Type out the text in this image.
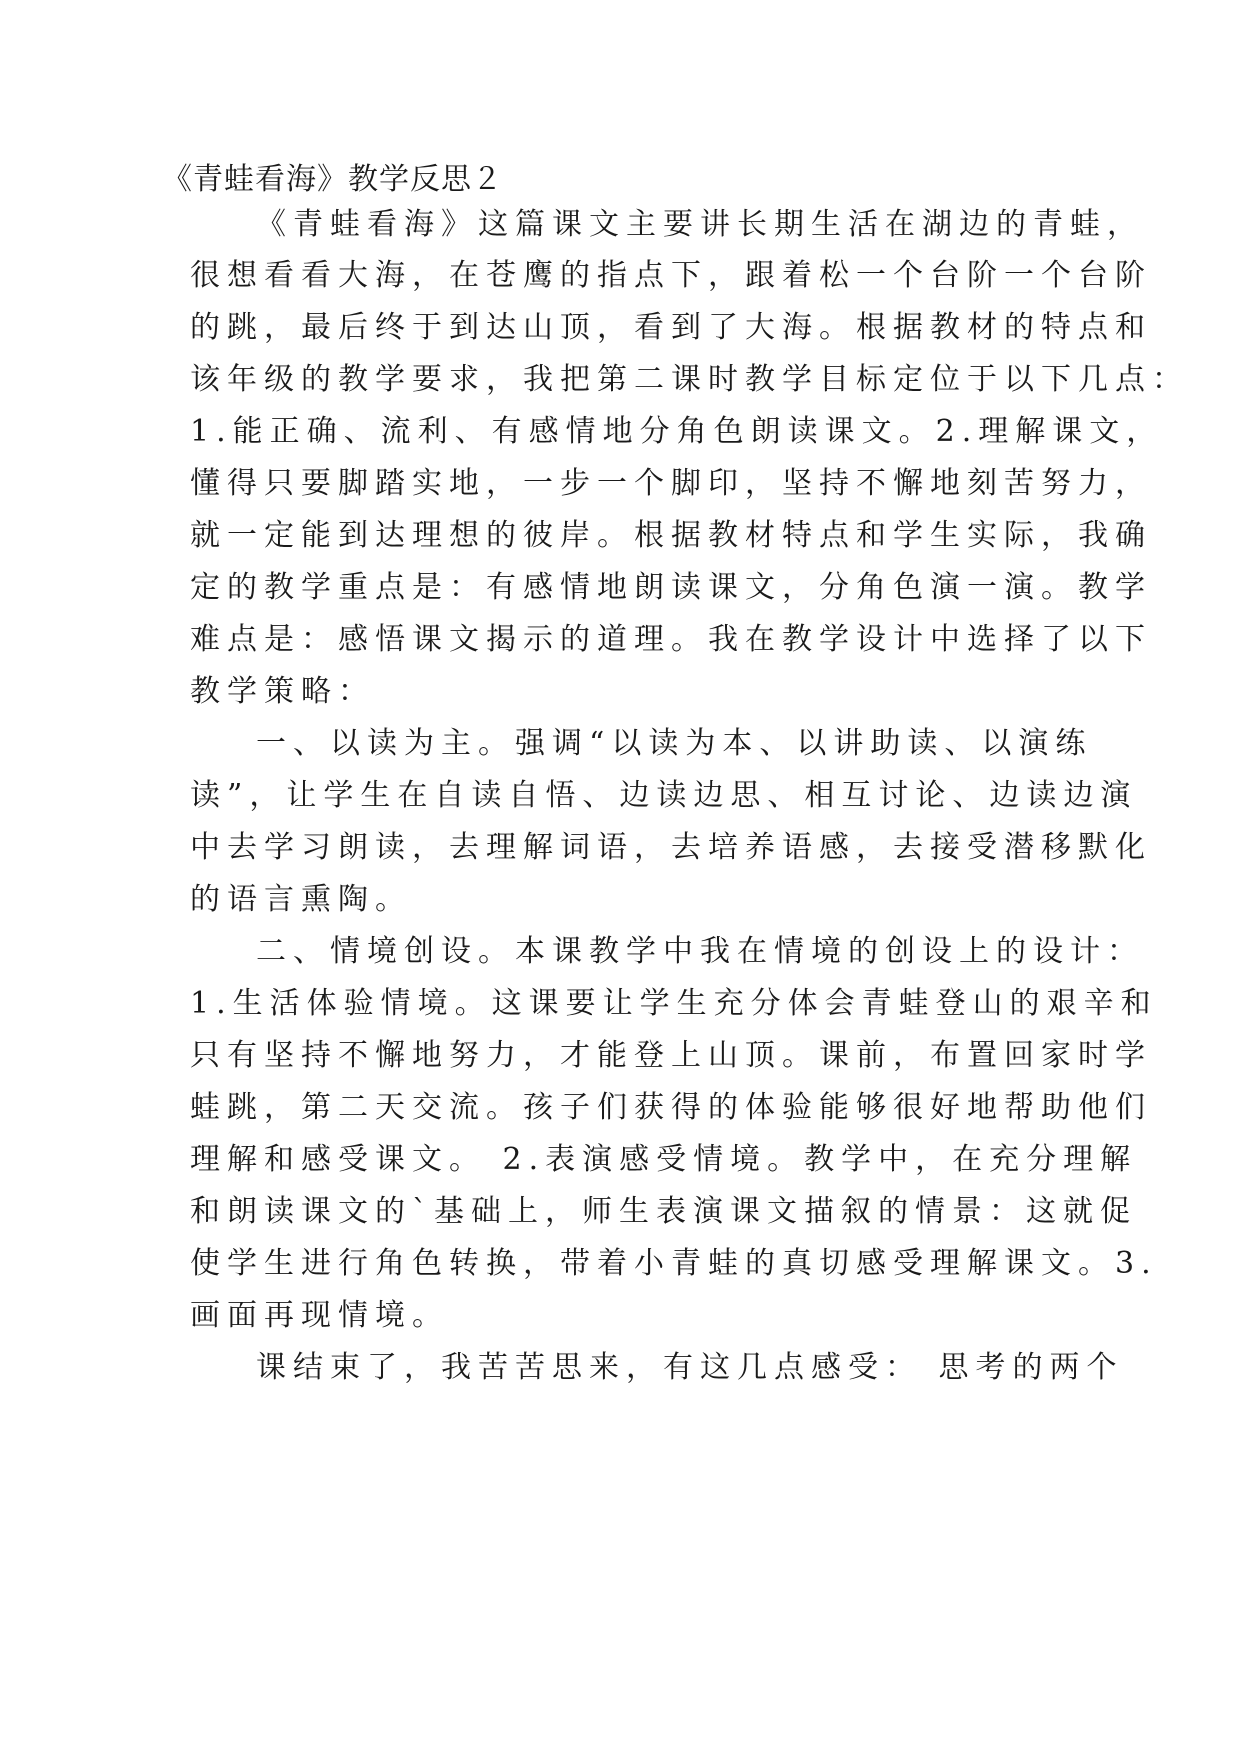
《青蛙看海》教学反思２
《青蛙看海》这篇课文主要讲长期生活在湖边的青蛙，
很想看看大海，在苍鹰的指点下，跟着松一个台阶一个台阶
的跳，最后终于到达山顶，看到了大海。根据教材的特点和
该年级的教学要求，我把第二课时教学目标定位于以下几点：
1.能正确、流利、有感情地分角色朗读课文。2.理解课文，
懂得只要脚踏实地，一步一个脚印，坚持不懈地刻苦努力，
就一定能到达理想的彼岸。根据教材特点和学生实际，我确
定的教学重点是：有感情地朗读课文，分角色演一演。教学
难点是：感悟课文揭示的道理。我在教学设计中选择了以下
教学策略：
一、以读为主。强调“以读为本、以讲助读、以演练
读”，让学生在自读自悟、边读边思、相互讨论、边读边演
中去学习朗读，去理解词语，去培养语感，去接受潜移默化
的语言熏陶。
二、情境创设。本课教学中我在情境的创设上的设计：
1.生活体验情境。这课要让学生充分体会青蛙登山的艰辛和
只有坚持不懈地努力，才能登上山顶。课前，布置回家时学
蛙跳，第二天交流。孩子们获得的体验能够很好地帮助他们
理解和感受课文。 2.表演感受情境。教学中，在充分理解
和朗读课文的`基础上，师生表演课文描叙的情景：这就促
使学生进行角色转换，带着小青蛙的真切感受理解课文。3.
画面再现情境。
课结束了，我苦苦思来，有这几点感受： 思考的两个
